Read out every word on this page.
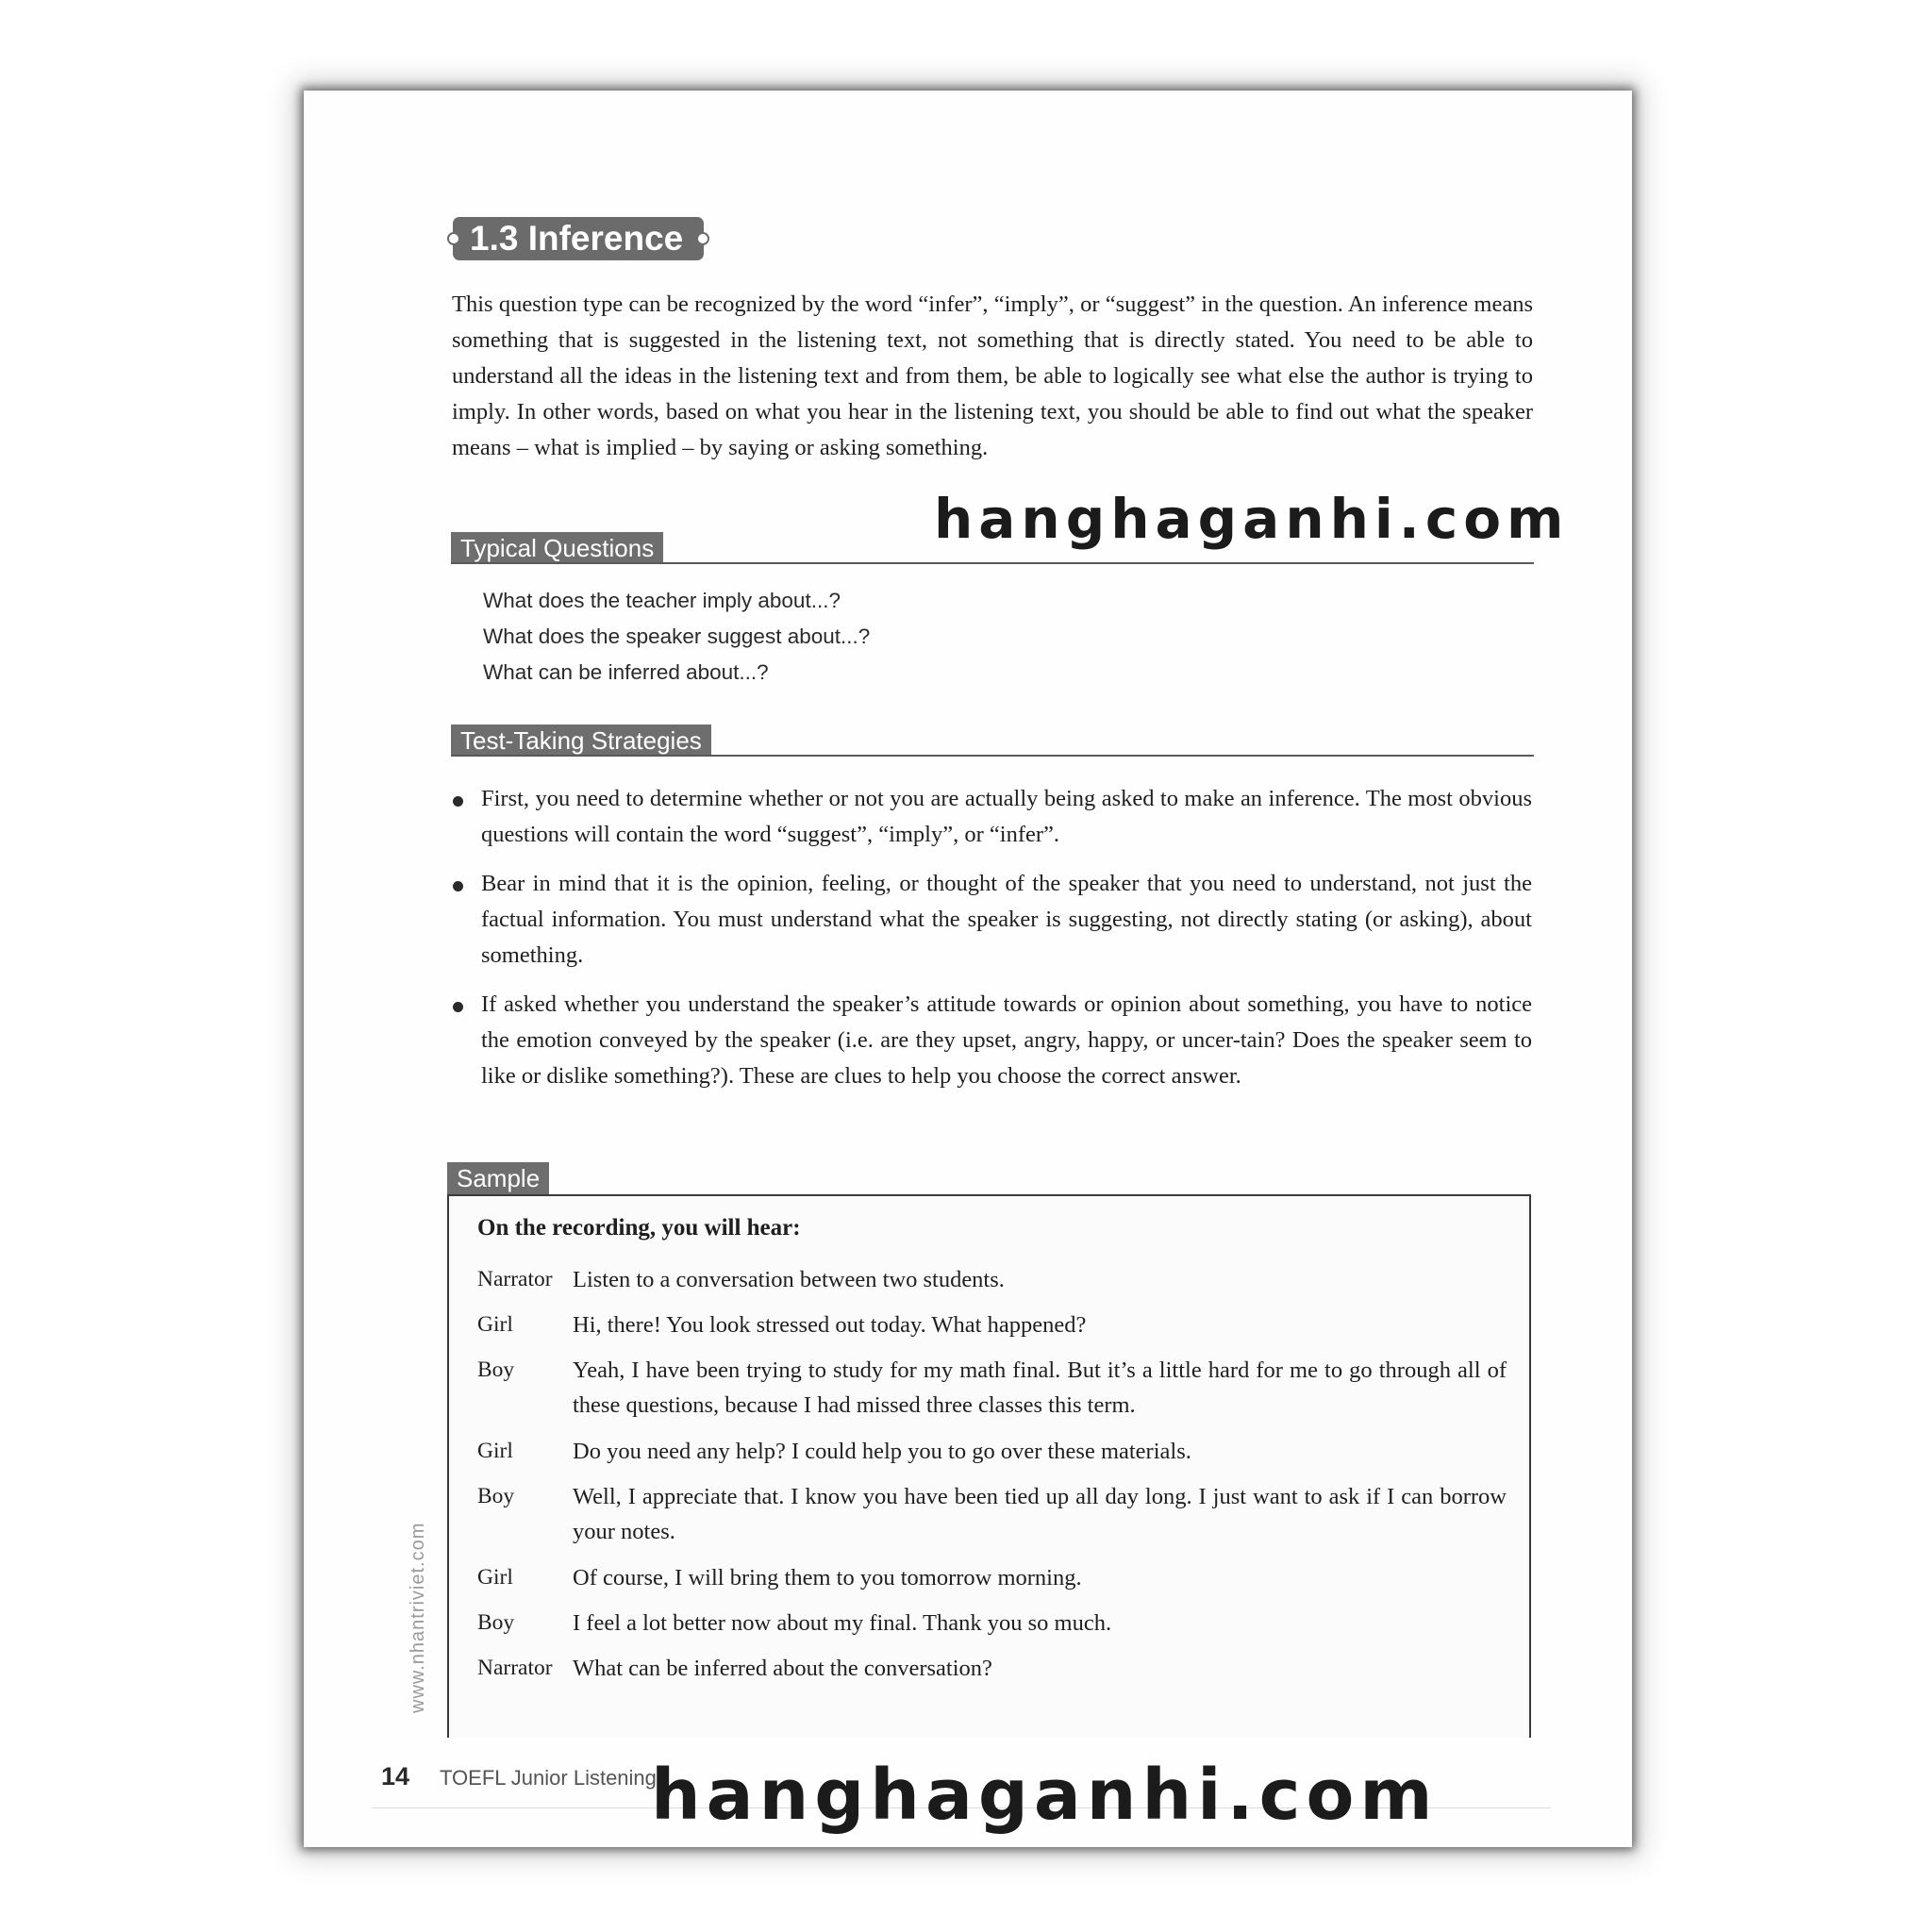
1.3 Inference
This question type can be recognized by the word “infer”, “imply”, or “suggest” in the question. An inference means something that is suggested in the listening text, not something that is directly stated. You need to be able to understand all the ideas in the listening text and from them, be able to logically see what else the author is trying to imply. In other words, based on what you hear in the listening text, you should be able to find out what the speaker means – what is implied – by saying or asking something.
Typical Questions
What does the teacher imply about...?
What does the speaker suggest about...?
What can be inferred about...?
Test-Taking Strategies
First, you need to determine whether or not you are actually being asked to make an inference. The most obvious questions will contain the word “suggest”, “imply”, or “infer”.
Bear in mind that it is the opinion, feeling, or thought of the speaker that you need to understand, not just the factual information. You must understand what the speaker is suggesting, not directly stating (or asking), about something.
If asked whether you understand the speaker’s attitude towards or opinion about something, you have to notice the emotion conveyed by the speaker (i.e. are they upset, angry, happy, or uncer-tain? Does the speaker seem to like or dislike something?). These are clues to help you choose the correct answer.
Sample
On the recording, you will hear:
Narrator Listen to a conversation between two students.
Girl	Hi, there! You look stressed out today. What happened?
Boy	Yeah, I have been trying to study for my math final. But it’s a little hard for me to go through all of these questions, because I had missed three classes this term.
Girl	Do you need any help? I could help you to go over these materials.
Boy	Well, I appreciate that. I know you have been tied up all day long. I just want to ask if I can borrow your notes.
Girl	Of course, I will bring them to you tomorrow morning.
Boy	I feel a lot better now about my final. Thank you so much.
Narrator What can be inferred about the conversation?
www.nhantriviet.com
14 TOEFL Junior Listening
hanghaganhi.com
hanghaganhi.com
